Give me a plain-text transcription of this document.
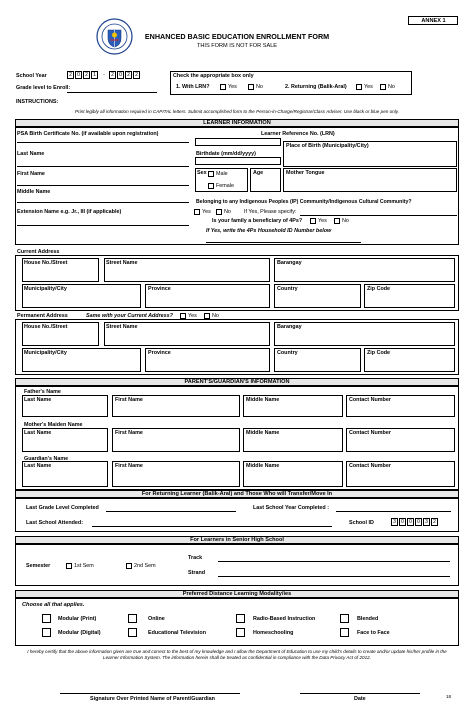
ANNEX 1
ENHANCED BASIC EDUCATION ENROLLMENT FORM
THIS FORM IS NOT FOR SALE
School Year	2	0	2	1	-	2	0	2	2
Grade level to Enroll:
Check the appropriate box only
1. With LRN?	Yes	No	2. Returning (Balik-Aral)	Yes	No
INSTRUCTIONS:
Print legibly all information required in CAPITAL letters. Submit accomplished form to the Person-in-Charge/Registrar/Class Adviser. Use black or blue pen only.
LEARNER INFORMATION
PSA Birth Certificate No. (if available upon registration)	Learner Reference No. (LRN)
Place of Birth (Municipality/City)
Last Name	Birthdate (mm/dd/yyyy)
First Name	Sex Male
Female
Age	Mother Tongue
Middle Name
Belonging to any Indigenous Peoples (IP) Community/Indigenous Cultural Community?
Extension Name e.g. Jr., III (if applicable)	Yes No If Yes, Please specify:
Is your family a beneficiary of 4Ps?	Yes	No
If Yes, write the 4Ps Household ID Number below
Current Address
House No./Street	Street Name	Barangay
Municipality/City	Province	Country	Zip Code
Permanent Address	Same with your Current Address?	Yes	No
House No./Street	Street Name	Barangay
Municipality/City	Province	Country	Zip Code
PARENT'S/GUARDIAN'S INFORMATION
Father's Name
Last Name	First Name	Middle Name	Contact Number
Mother's Maiden Name
Last Name	First Name	Middle Name	Contact Number
Guardian's Name
Last Name	First Name	Middle Name	Contact Number
For Returning Learner (Balik-Aral) and Those Who will Transfer/Move In
Last Grade Level Completed	Last School Year Completed :
Last School Attended:	School ID	3	0	0	0	3	2
For Learners in Senior High School
Semester	1st Sem	2nd Sem
Track
Strand
Preferred Distance Learning Modality/ies
Choose all that applies.
Modular (Print)	Online	Radio-Based Instruction	Blended
Modular (Digital)	Educational Television	Homeschooling	Face to Face
I hereby certify that the above information given are true and correct to the best of my knowledge and I allow the Department of Education to use my child's details to create and/or update his/her profile in the Learner Information System. The information herein shall be treated as confidential in compliance with the Data Privacy Act of 2012.
Signature Over Printed Name of Parent/Guardian	Date	18
